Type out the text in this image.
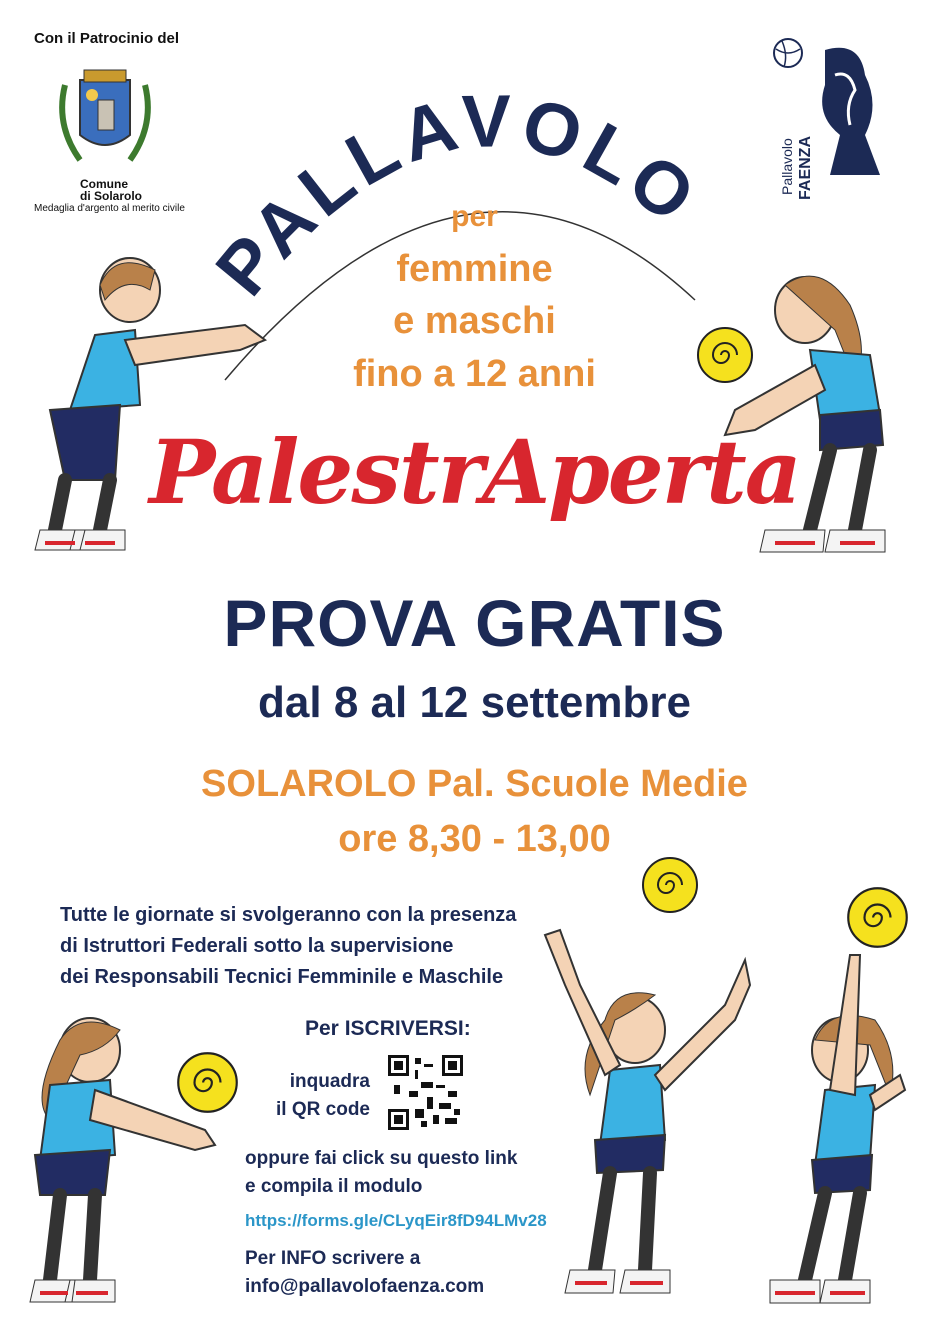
PALLAVOLO
Con il Patrocinio del
Comune
di Solarolo
Medaglia d'argento al merito civile
Pallavolo FAENZA
per
femmine
e maschi
fino a 12 anni
PalestrAperta
PROVA GRATIS
dal 8 al 12 settembre
SOLAROLO Pal. Scuole Medie
ore 8,30 - 13,00
Tutte le giornate si svolgeranno con la presenza
di Istruttori Federali sotto la supervisione
dei Responsabili Tecnici Femminile e Maschile
Per ISCRIVERSI:
inquadra
il QR code
oppure fai click su questo link
e compila il modulo
https://forms.gle/CLyqEir8fD94LMv28
Per INFO scrivere a
info@pallavolofaenza.com
